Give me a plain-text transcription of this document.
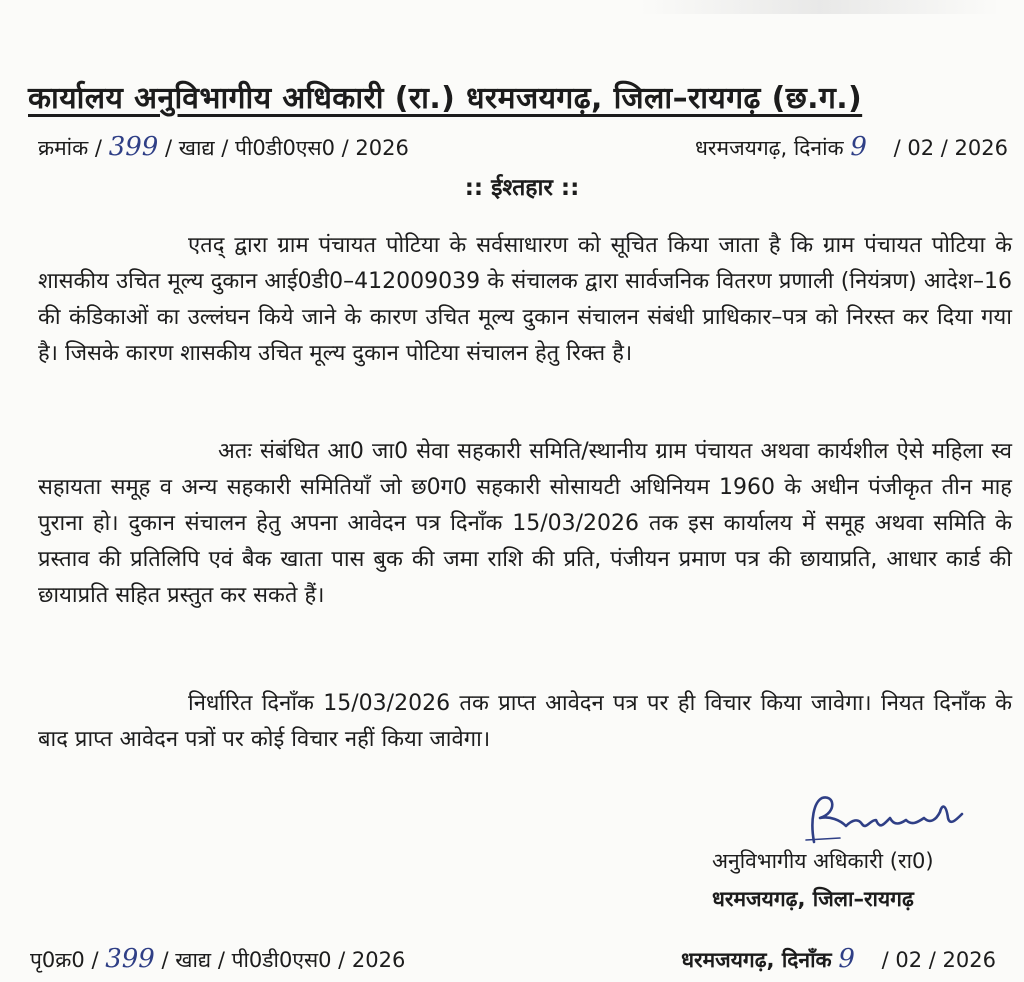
कार्यालय अनुविभागीय अधिकारी (रा.) धरमजयगढ़, जिला–रायगढ़ (छ.ग.)
क्रमांक / 399 / खाद्य / पी0डी0एस0 / 2026	धरमजयगढ़, दिनांक 9 / 02 / 2026
:: ईश्तहार ::

एतद् द्वारा ग्राम पंचायत पोटिया के सर्वसाधारण को सूचित किया जाता है कि ग्राम पंचायत पोटिया के शासकीय उचित मूल्य दुकान आई0डी0–412009039 के संचालक द्वारा सार्वजनिक वितरण प्रणाली (नियंत्रण) आदेश–16 की कंडिकाओं का उल्लंघन किये जाने के कारण उचित मूल्य दुकान संचालन संबंधी प्राधिकार–पत्र को निरस्त कर दिया गया है। जिसके कारण शासकीय उचित मूल्य दुकान पोटिया संचालन हेतु रिक्त है।

अतः संबंधित आ0 जा0 सेवा सहकारी समिति/स्थानीय ग्राम पंचायत अथवा कार्यशील ऐसे महिला स्व सहायता समूह व अन्य सहकारी समितियाँ जो छ0ग0 सहकारी सोसायटी अधिनियम 1960 के अधीन पंजीकृत तीन माह पुराना हो। दुकान संचालन हेतु अपना आवेदन पत्र दिनाँक 15/03/2026 तक इस कार्यालय में समूह अथवा समिति के प्रस्ताव की प्रतिलिपि एवं बैक खाता पास बुक की जमा राशि की प्रति, पंजीयन प्रमाण पत्र की छायाप्रति, आधार कार्ड की छायाप्रति सहित प्रस्तुत कर सकते हैं।

निर्धारित दिनाँक 15/03/2026 तक प्राप्त आवेदन पत्र पर ही विचार किया जावेगा। नियत दिनाँक के बाद प्राप्त आवेदन पत्रों पर कोई विचार नहीं किया जावेगा।

अनुविभागीय अधिकारी (रा0)
धरमजयगढ़, जिला–रायगढ़
पृ0क्र0 / 399 / खाद्य / पी0डी0एस0 / 2026	धरमजयगढ़, दिनाँक 9 / 02 / 2026
